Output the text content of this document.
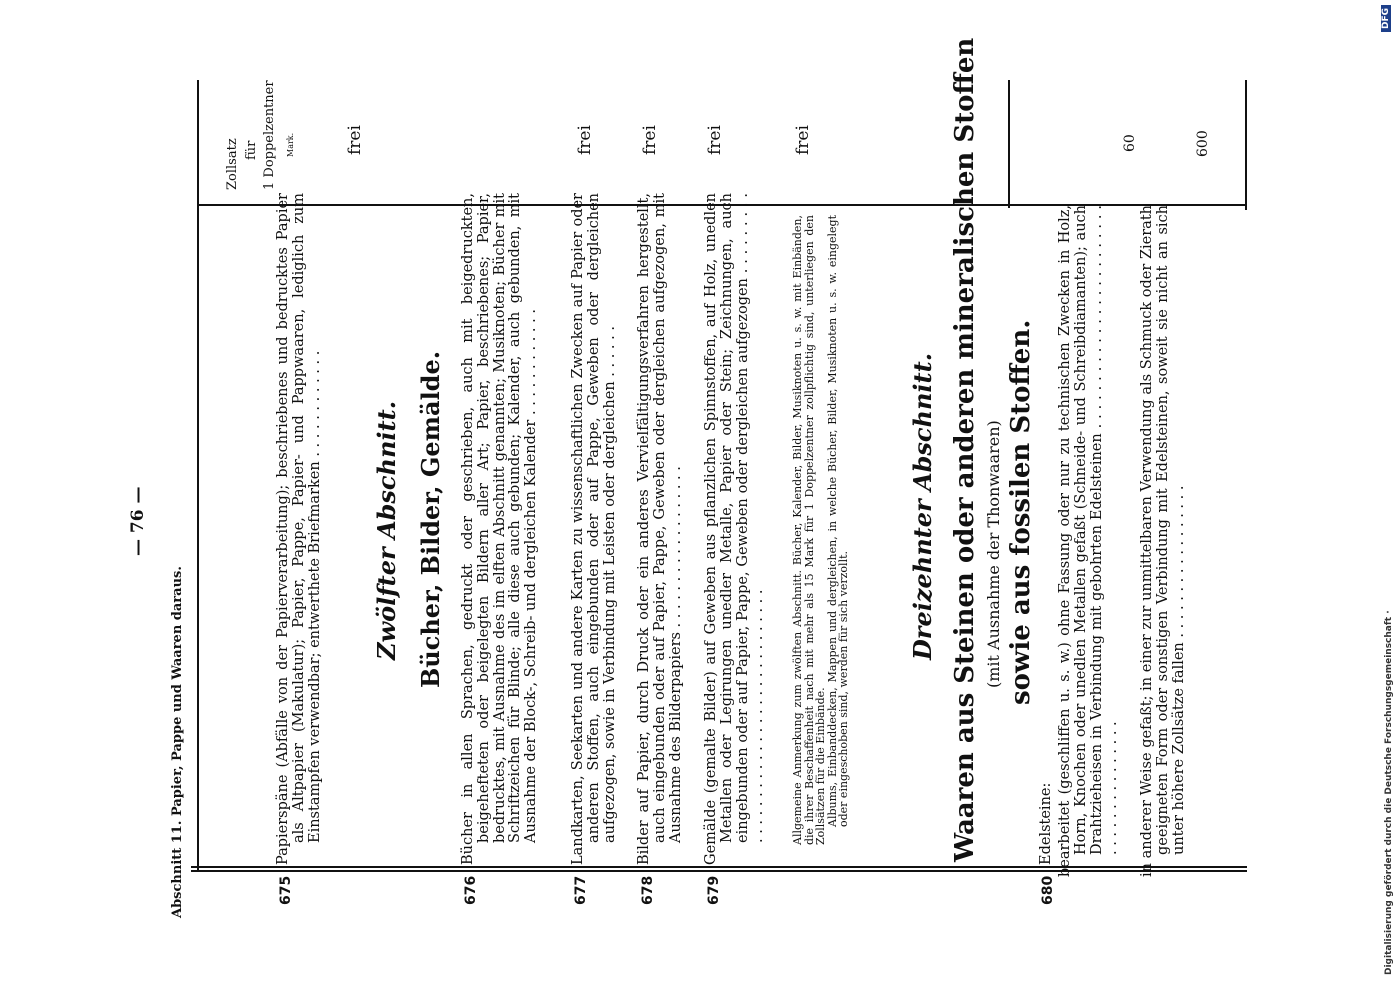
Abschnitt 11. Papier, Pappe und Waaren daraus.
— 76 —
Zollsatz für 1 Doppelzentner Mark.
675

Papierspäne (Abfälle von der Papierverarbeitung); beschriebenes und bedrucktes Papier als Altpapier (Makulatur); Papier, Pappe, Papier- und Pappwaaren, lediglich zum Einstampfen verwendbar; entwerthete Briefmarken . . . . . . . . . . . .

frei
Zwölfter Abschnitt. Bücher, Bilder, Gemälde.
676

Bücher in allen Sprachen, gedruckt oder geschrieben, auch mit beigedruckten, beigehefteten oder beigelegten Bildern aller Art; Papier, beschriebenes; Papier, bedrucktes, mit Ausnahme des im elften Abschnitt genannten; Musiknoten; Bücher mit Schriftzeichen für Blinde; alle diese auch gebunden; Kalender, auch gebunden, mit Ausnahme der Block-, Schreib- und dergleichen Kalender . . . . . . . . . . . .

frei
677

Landkarten, Seekarten und andere Karten zu wissenschaftlichen Zwecken auf Papier oder anderen Stoffen, auch eingebunden oder auf Pappe, Geweben oder dergleichen aufgezogen, sowie in Verbindung mit Leisten oder dergleichen . . . . . .

frei
678

Bilder auf Papier, durch Druck oder ein anderes Vervielfältigungsverfahren hergestellt, auch eingebunden oder auf Papier, Pappe, Geweben oder dergleichen aufgezogen, mit Ausnahme des Bilderpapiers . . . . . . . . . . . . . . . . . .

frei
679

Gemälde (gemalte Bilder) auf Geweben aus pflanzlichen Spinnstoffen, auf Holz, unedlen Metallen oder Legirungen unedler Metalle, Papier oder Stein; Zeichnungen, auch eingebunden oder auf Papier, Pappe, Geweben oder dergleichen aufgezogen . . . . . . . . . . . . . . . . . . . . . . . . . . . . . . . . . . . . .

frei

Allgemeine Anmerkung zum zwölften Abschnitt. Bücher, Kalender, Bilder, Musiknoten u. s. w. mit Einbänden, die ihrer Beschaffenheit nach mit mehr als 15 Mark für 1 Doppelzentner zollpflichtig sind, unterliegen den Zollsätzen für die Einbände.

Albums, Einbanddecken, Mappen und dergleichen, in welche Bücher, Bilder, Musiknoten u. s. w. eingelegt oder eingeschoben sind, werden für sich verzollt.

Dreizehnter Abschnitt. Waaren aus Steinen oder anderen mineralischen Stoffen (mit Ausnahme der Thonwaaren) sowie aus fossilen Stoffen.
680
Edelsteine: bearbeitet (geschliffen u. s. w.) ohne Fassung oder nur zu technischen Zwecken in Holz, Horn, Knochen oder unedlen Metallen gefaßt (Schneide- und Schreibdiamanten); auch Drahtzieheisen in Verbindung mit gebohrten Edelsteinen . . . . . . . . . . . . . . . . . . . . . . . . . . . . . . . . . . . . . . .

60

in anderer Weise gefaßt; in einer zur unmittelbaren Verwendung als Schmuck oder Zierath geeigneten Form oder sonstigen Verbindung mit Edelsteinen, soweit sie nicht an sich unter höhere Zollsätze fallen . . . . . . . . . . . . . . . . .

600
Digitalisierung gefördert durch die Deutsche Forschungsgemeinschaft ·
DFG
